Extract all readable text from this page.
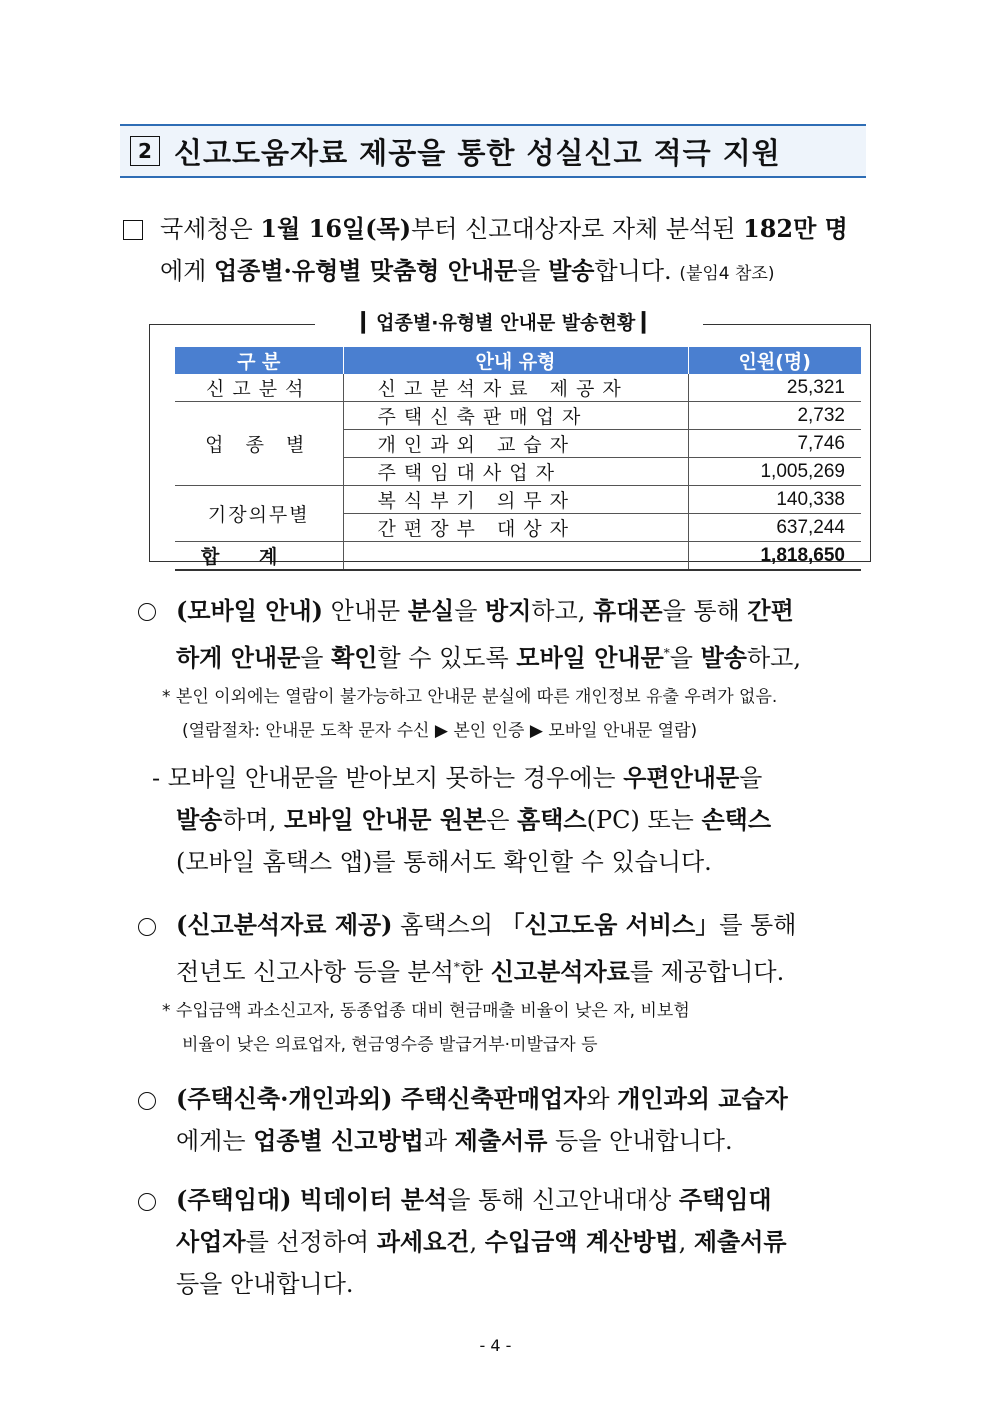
2 신고도움자료 제공을 통한 성실신고 적극 지원
국세청은 1월 16일(목)부터 신고대상자로 자체 분석된 182만 명
에게 업종별·유형별 맞춤형 안내문을 발송합니다. (붙임4 참조)
▎업종별·유형별 안내문 발송현황 ▎
구 분	안내 유형	인원(명)
신고분석	신고분석자료 제공자	25,321
업 종 별	주택신축판매업자	2,732
	개인과외 교습자	7,746
	주택임대사업자	1,005,269
기장의무별	복식부기 의무자	140,338
	간편장부 대상자	637,244
합      계		1,818,650
(모바일 안내) 안내문 분실을 방지하고, 휴대폰을 통해 간편
하게 안내문을 확인할 수 있도록 모바일 안내문*을 발송하고,
* 본인 이외에는 열람이 불가능하고 안내문 분실에 따른 개인정보 유출 우려가 없음.
(열람절차: 안내문 도착 문자 수신 ▶ 본인 인증 ▶ 모바일 안내문 열람)
- 모바일 안내문을 받아보지 못하는 경우에는 우편안내문을
발송하며, 모바일 안내문 원본은 홈택스(PC) 또는 손택스
(모바일 홈택스 앱)를 통해서도 확인할 수 있습니다.
(신고분석자료 제공) 홈택스의 「신고도움 서비스」를 통해
전년도 신고사항 등을 분석*한 신고분석자료를 제공합니다.
* 수입금액 과소신고자, 동종업종 대비 현금매출 비율이 낮은 자, 비보험
비율이 낮은 의료업자, 현금영수증 발급거부·미발급자 등
(주택신축·개인과외) 주택신축판매업자와 개인과외 교습자
에게는 업종별 신고방법과 제출서류 등을 안내합니다.
(주택임대) 빅데이터 분석을 통해 신고안내대상 주택임대
사업자를 선정하여 과세요건, 수입금액 계산방법, 제출서류
등을 안내합니다.
- 4 -
